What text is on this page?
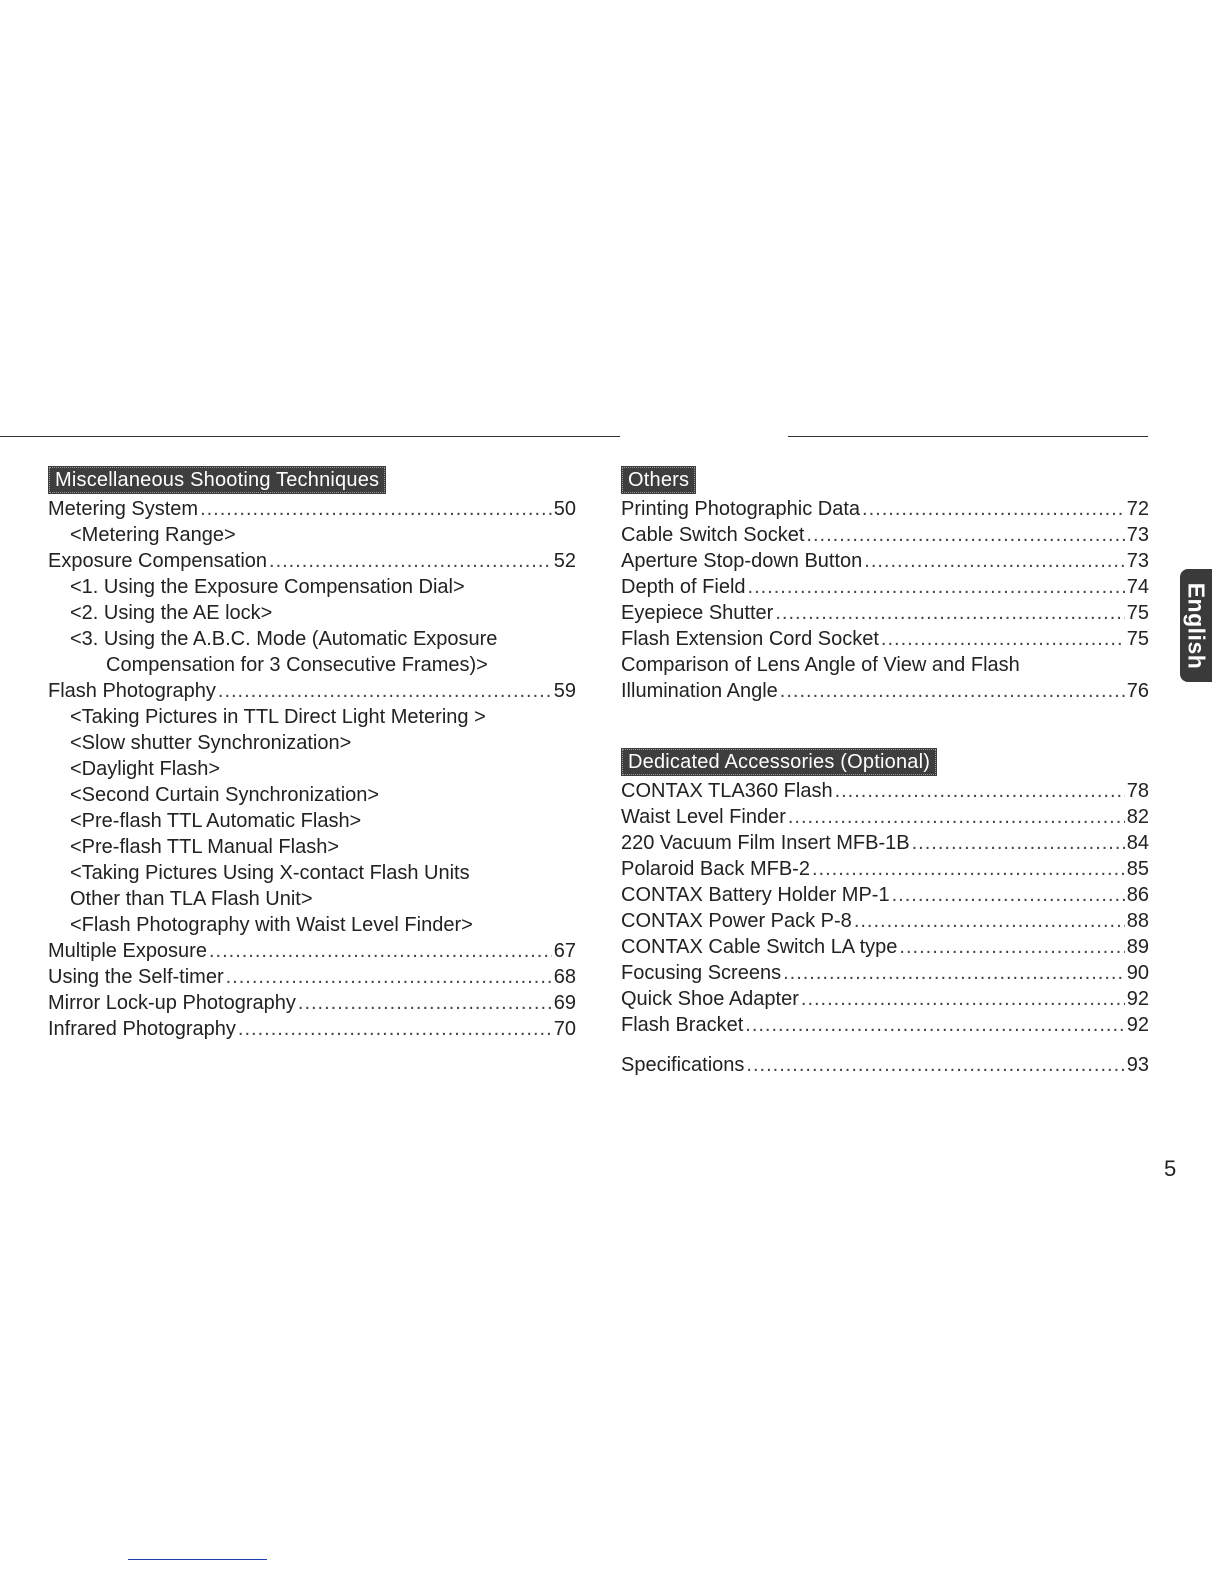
Miscellaneous Shooting Techniques
Metering System .....	50
<Metering Range>
Exposure Compensation .....	52
<1. Using the Exposure Compensation Dial>
<2. Using the AE lock>
<3. Using the A.B.C. Mode (Automatic Exposure
Compensation for 3 Consecutive Frames)>
Flash Photography .....	59
<Taking Pictures in TTL Direct Light Metering >
<Slow shutter Synchronization>
<Daylight Flash>
<Second Curtain Synchronization>
<Pre-flash TTL Automatic Flash>
<Pre-flash TTL Manual Flash>
<Taking Pictures Using X-contact Flash Units
Other than TLA Flash Unit>
<Flash Photography with Waist Level Finder>
Multiple Exposure .....	67
Using the Self-timer .....	68
Mirror Lock-up Photography .....	69
Infrared Photography .....	70
Others
Printing Photographic Data .....	72
Cable Switch Socket .....	73
Aperture Stop-down Button .....	73
Depth of Field .....	74
Eyepiece Shutter .....	75
Flash Extension Cord Socket .....	75
Comparison of Lens Angle of View and Flash
Illumination Angle .....	76
Dedicated Accessories (Optional)
CONTAX TLA360 Flash .....	78
Waist Level Finder .....	82
220 Vacuum Film Insert MFB-1B .....	84
Polaroid Back MFB-2 .....	85
CONTAX Battery Holder MP-1 .....	86
CONTAX Power Pack P-8 .....	88
CONTAX Cable Switch LA type .....	89
Focusing Screens .....	90
Quick Shoe Adapter .....	92
Flash Bracket .....	92
Specifications .....	93
English
5
